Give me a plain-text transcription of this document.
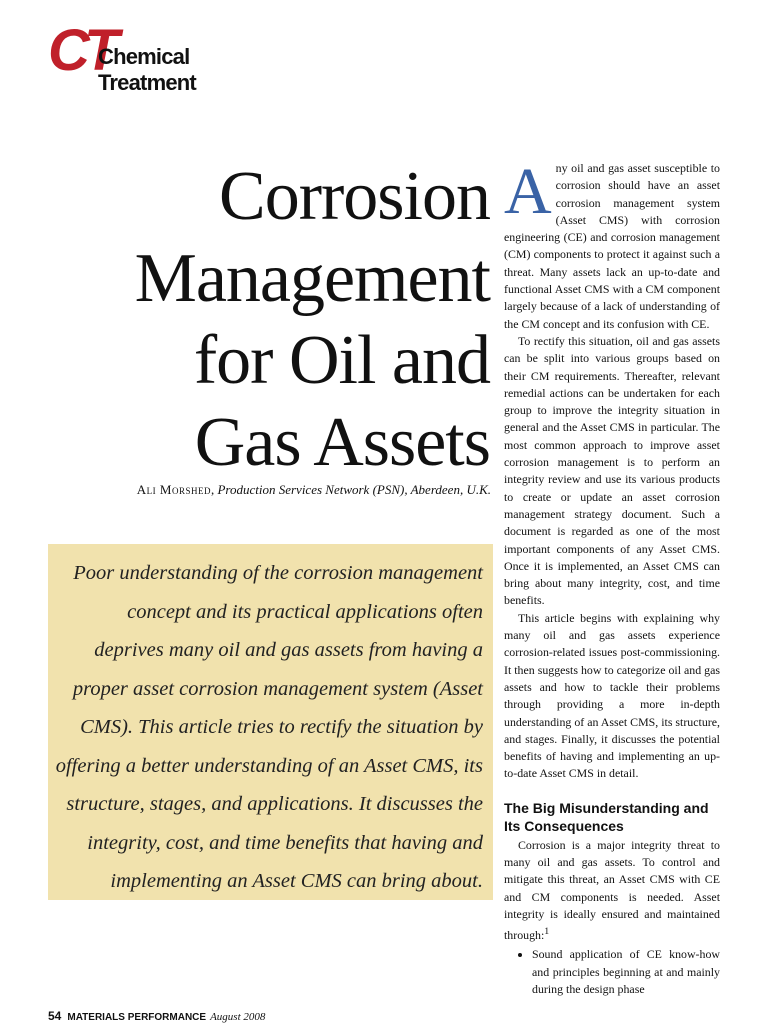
CT
Chemical Treatment
Corrosion
Management
for Oil and
Gas Assets
Ali Morshed, Production Services Network (PSN), Aberdeen, U.K.

Poor understanding of the corrosion management concept and its practical applications often deprives many oil and gas assets from having a proper asset corrosion management system (Asset CMS). This article tries to rectify the situation by offering a better understanding of an Asset CMS, its structure, stages, and applications. It discusses the integrity, cost, and time benefits that having and implementing an Asset CMS can bring about.

Any oil and gas asset susceptible to corrosion should have an asset corrosion management system (Asset CMS) with corrosion engineering (CE) and corrosion management (CM) components to protect it against such a threat. Many assets lack an up-to-date and functional Asset CMS with a CM component largely because of a lack of understanding of the CM concept and its confusion with CE.

To rectify this situation, oil and gas assets can be split into various groups based on their CM requirements. Thereafter, relevant remedial actions can be undertaken for each group to improve the integrity situation in general and the Asset CMS in particular. The most common approach to improve asset corrosion management is to perform an integrity review and use its various products to create or update an asset corrosion management strategy document. Such a document is regarded as one of the most important components of any Asset CMS. Once it is implemented, an Asset CMS can bring about many integrity, cost, and time benefits.

This article begins with explaining why many oil and gas assets experience corrosion-related issues post-commissioning. It then suggests how to categorize oil and gas assets and how to tackle their problems through providing a more in-depth understanding of an Asset CMS, its structure, and stages. Finally, it discusses the potential benefits of having and implementing an up-to-date Asset CMS in detail.

The Big Misunderstanding and Its Consequences

Corrosion is a major integrity threat to many oil and gas assets. To control and mitigate this threat, an Asset CMS with CE and CM components is needed. Asset integrity is ideally ensured and maintained through:$^1$

• Sound application of CE know-how and principles beginning at and mainly during the design phase
54 MATERIALS PERFORMANCE August 2008
